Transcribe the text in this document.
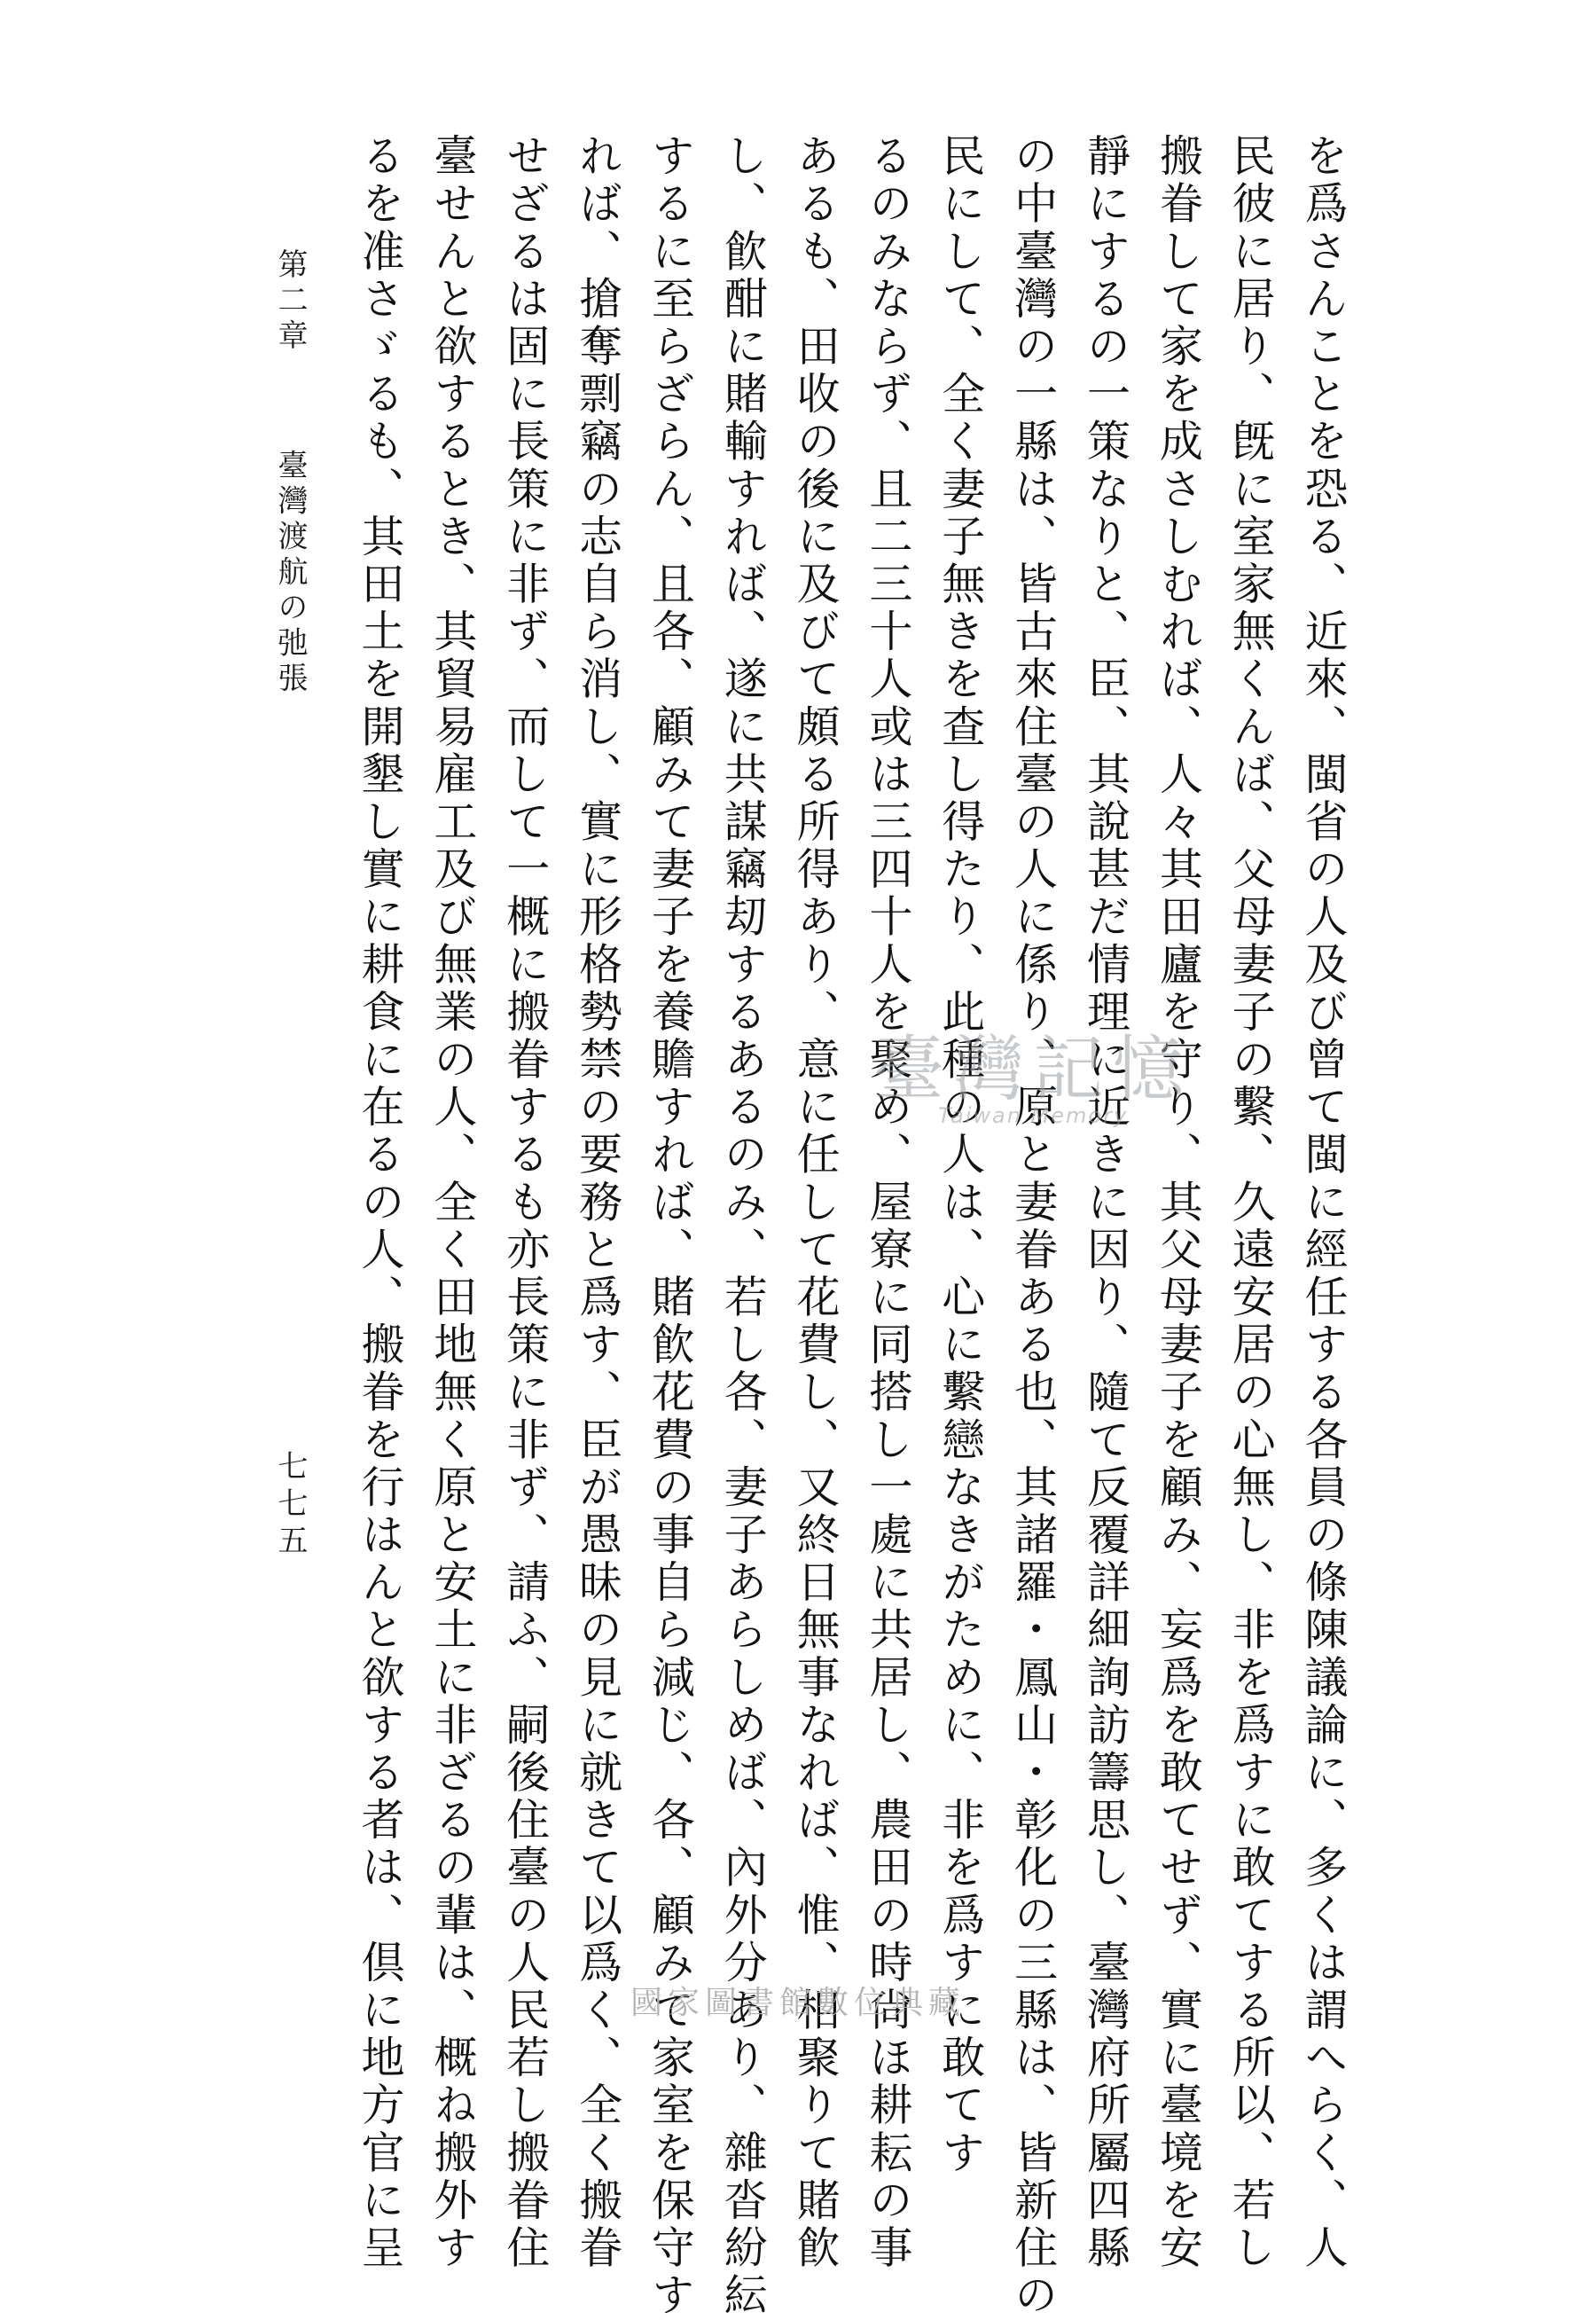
を爲さんことを恐る、近來、閩省の人及び曾て閩に經任する各員の條陳議論に、多くは謂へらく、人

民彼に居り、旣に室家無くんば、父母妻子の繫、久遠安居の心無し、非を爲すに敢てする所以、若し

搬眷して家を成さしむれば、人々其田廬を守り、其父母妻子を顧み、妄爲を敢てせず、實に臺境を安

靜にするの一策なりと、臣、其說甚だ情理に近きに因り、隨て反覆詳細詢訪籌思し、臺灣府所屬四縣

の中臺灣の一縣は、皆古來住臺の人に係り、原と妻眷ある也、其諸羅・鳳山・彰化の三縣は、皆新住の

民にして、全く妻子無きを查し得たり、此種の人は、心に繫戀なきがために、非を爲すに敢てす

るのみならず、且二三十人或は三四十人を聚め、屋寮に同搭し一處に共居し、農田の時尙ほ耕耘の事

あるも、田收の後に及びて頗る所得あり、意に任して花費し、又終日無事なれば、惟、相聚りて賭飮

し、飮酣に賭輸すれば、遂に共謀竊刧するあるのみ、若し各、妻子あらしめば、內外分あり、雜沓紛紜

するに至らざらん、且各、顧みて妻子を養贍すれば、賭飮花費の事自ら減じ、各、顧みて家室を保守す

れば、搶奪剽竊の志自ら消し、實に形格勢禁の要務と爲す、臣が愚昧の見に就きて以爲く、全く搬眷

せざるは固に長策に非ず、而して一概に搬眷するも亦長策に非ず、請ふ、嗣後住臺の人民若し搬眷住

臺せんと欲するとき、其貿易雇工及び無業の人、全く田地無く原と安土に非ざるの輩は、概ね搬外す

るを准さゞるも、其田土を開墾し實に耕食に在るの人、搬眷を行はんと欲する者は、倶に地方官に呈

第二章 臺灣渡航の弛張
七七五
臺灣記憶
Taiwan Memory
國家圖書館數位典藏
